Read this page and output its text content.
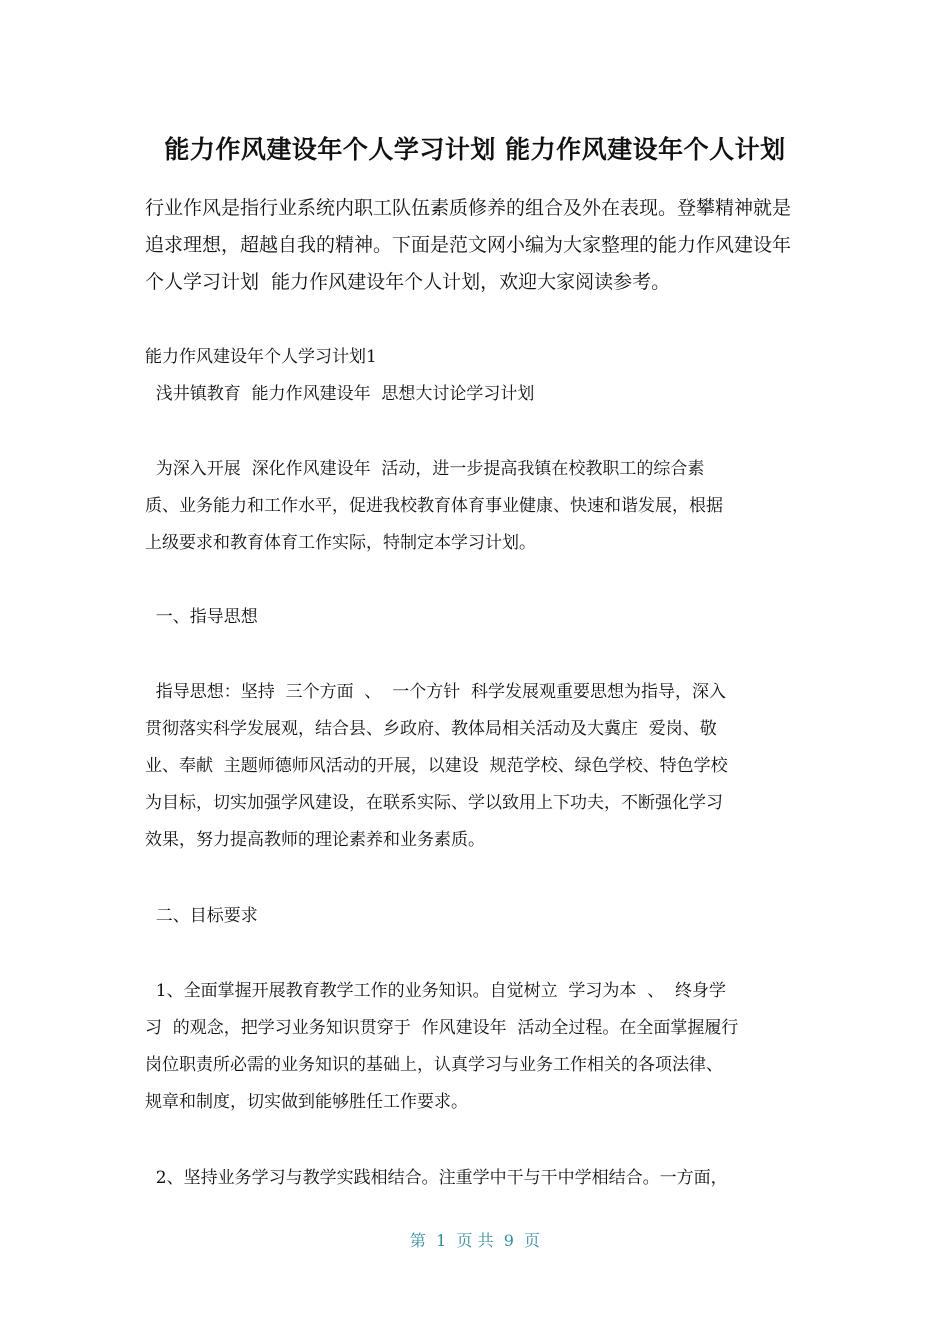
能力作风建设年个人学习计划 能力作风建设年个人计划

行业作风是指行业系统内职工队伍素质修养的组合及外在表现。登攀精神就是

追求理想，超越自我的精神。下面是范文网小编为大家整理的能力作风建设年

个人学习计划  能力作风建设年个人计划，欢迎大家阅读参考。

能力作风建设年个人学习计划1

浅井镇教育  能力作风建设年  思想大讨论学习计划

为深入开展  深化作风建设年  活动，进一步提高我镇在校教职工的综合素

质、业务能力和工作水平，促进我校教育体育事业健康、快速和谐发展，根据

上级要求和教育体育工作实际，特制定本学习计划。

一、指导思想

指导思想：坚持  三个方面  、  一个方针  科学发展观重要思想为指导，深入

贯彻落实科学发展观，结合县、乡政府、教体局相关活动及大冀庄  爱岗、敬

业、奉献  主题师德师风活动的开展，以建设  规范学校、绿色学校、特色学校

为目标，切实加强学风建设，在联系实际、学以致用上下功夫，不断强化学习

效果，努力提高教师的理论素养和业务素质。

二、目标要求

1、全面掌握开展教育教学工作的业务知识。自觉树立  学习为本  、  终身学

习  的观念，把学习业务知识贯穿于  作风建设年  活动全过程。在全面掌握履行

岗位职责所必需的业务知识的基础上，认真学习与业务工作相关的各项法律、

规章和制度，切实做到能够胜任工作要求。

2、坚持业务学习与教学实践相结合。注重学中干与干中学相结合。一方面，

第  1  页 共  9  页
